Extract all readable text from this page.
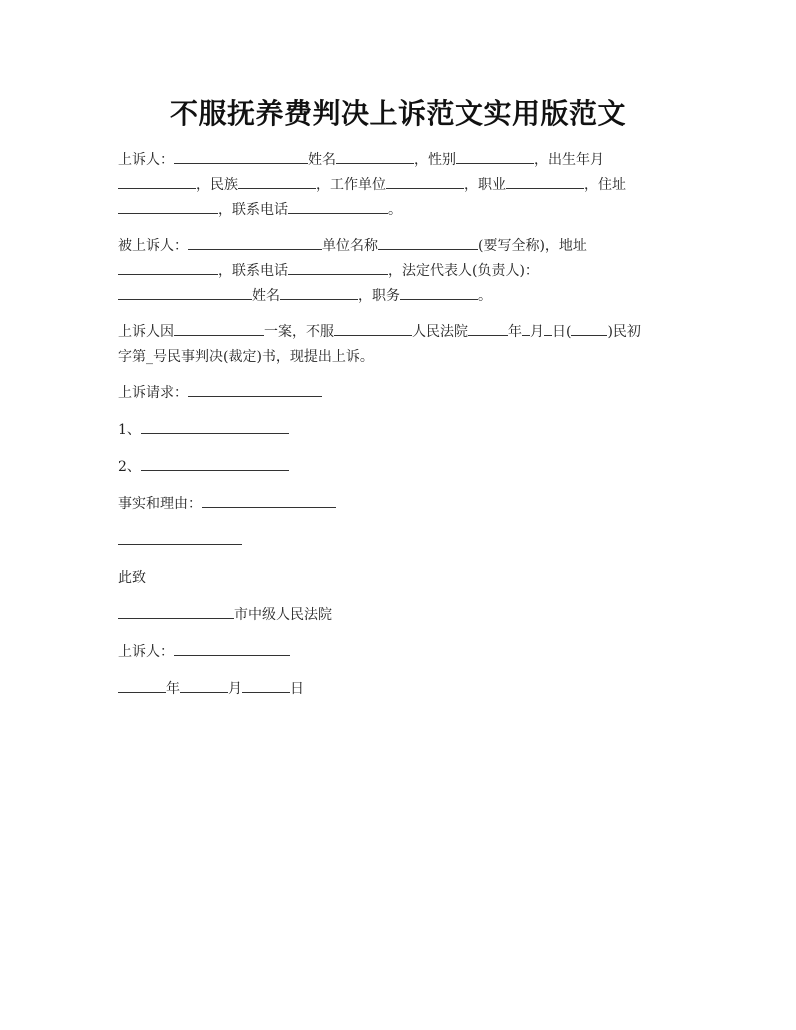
不服抚养费判决上诉范文实用版范文
上诉人：	姓名	，性别	，出生年月
，民族	，工作单位	，职业	，住址
，联系电话	。
被上诉人：	单位名称	(要写全称)，地址
，联系电话	，法定代表人(负责人)：
姓名	，职务	。
上诉人因	一案，不服	人民法院	年 月 日(	)民初
字第_号民事判决(裁定)书，现提出上诉。
上诉请求：
1、
2、
事实和理由：
此致
市中级人民法院
上诉人：
年	月	日
